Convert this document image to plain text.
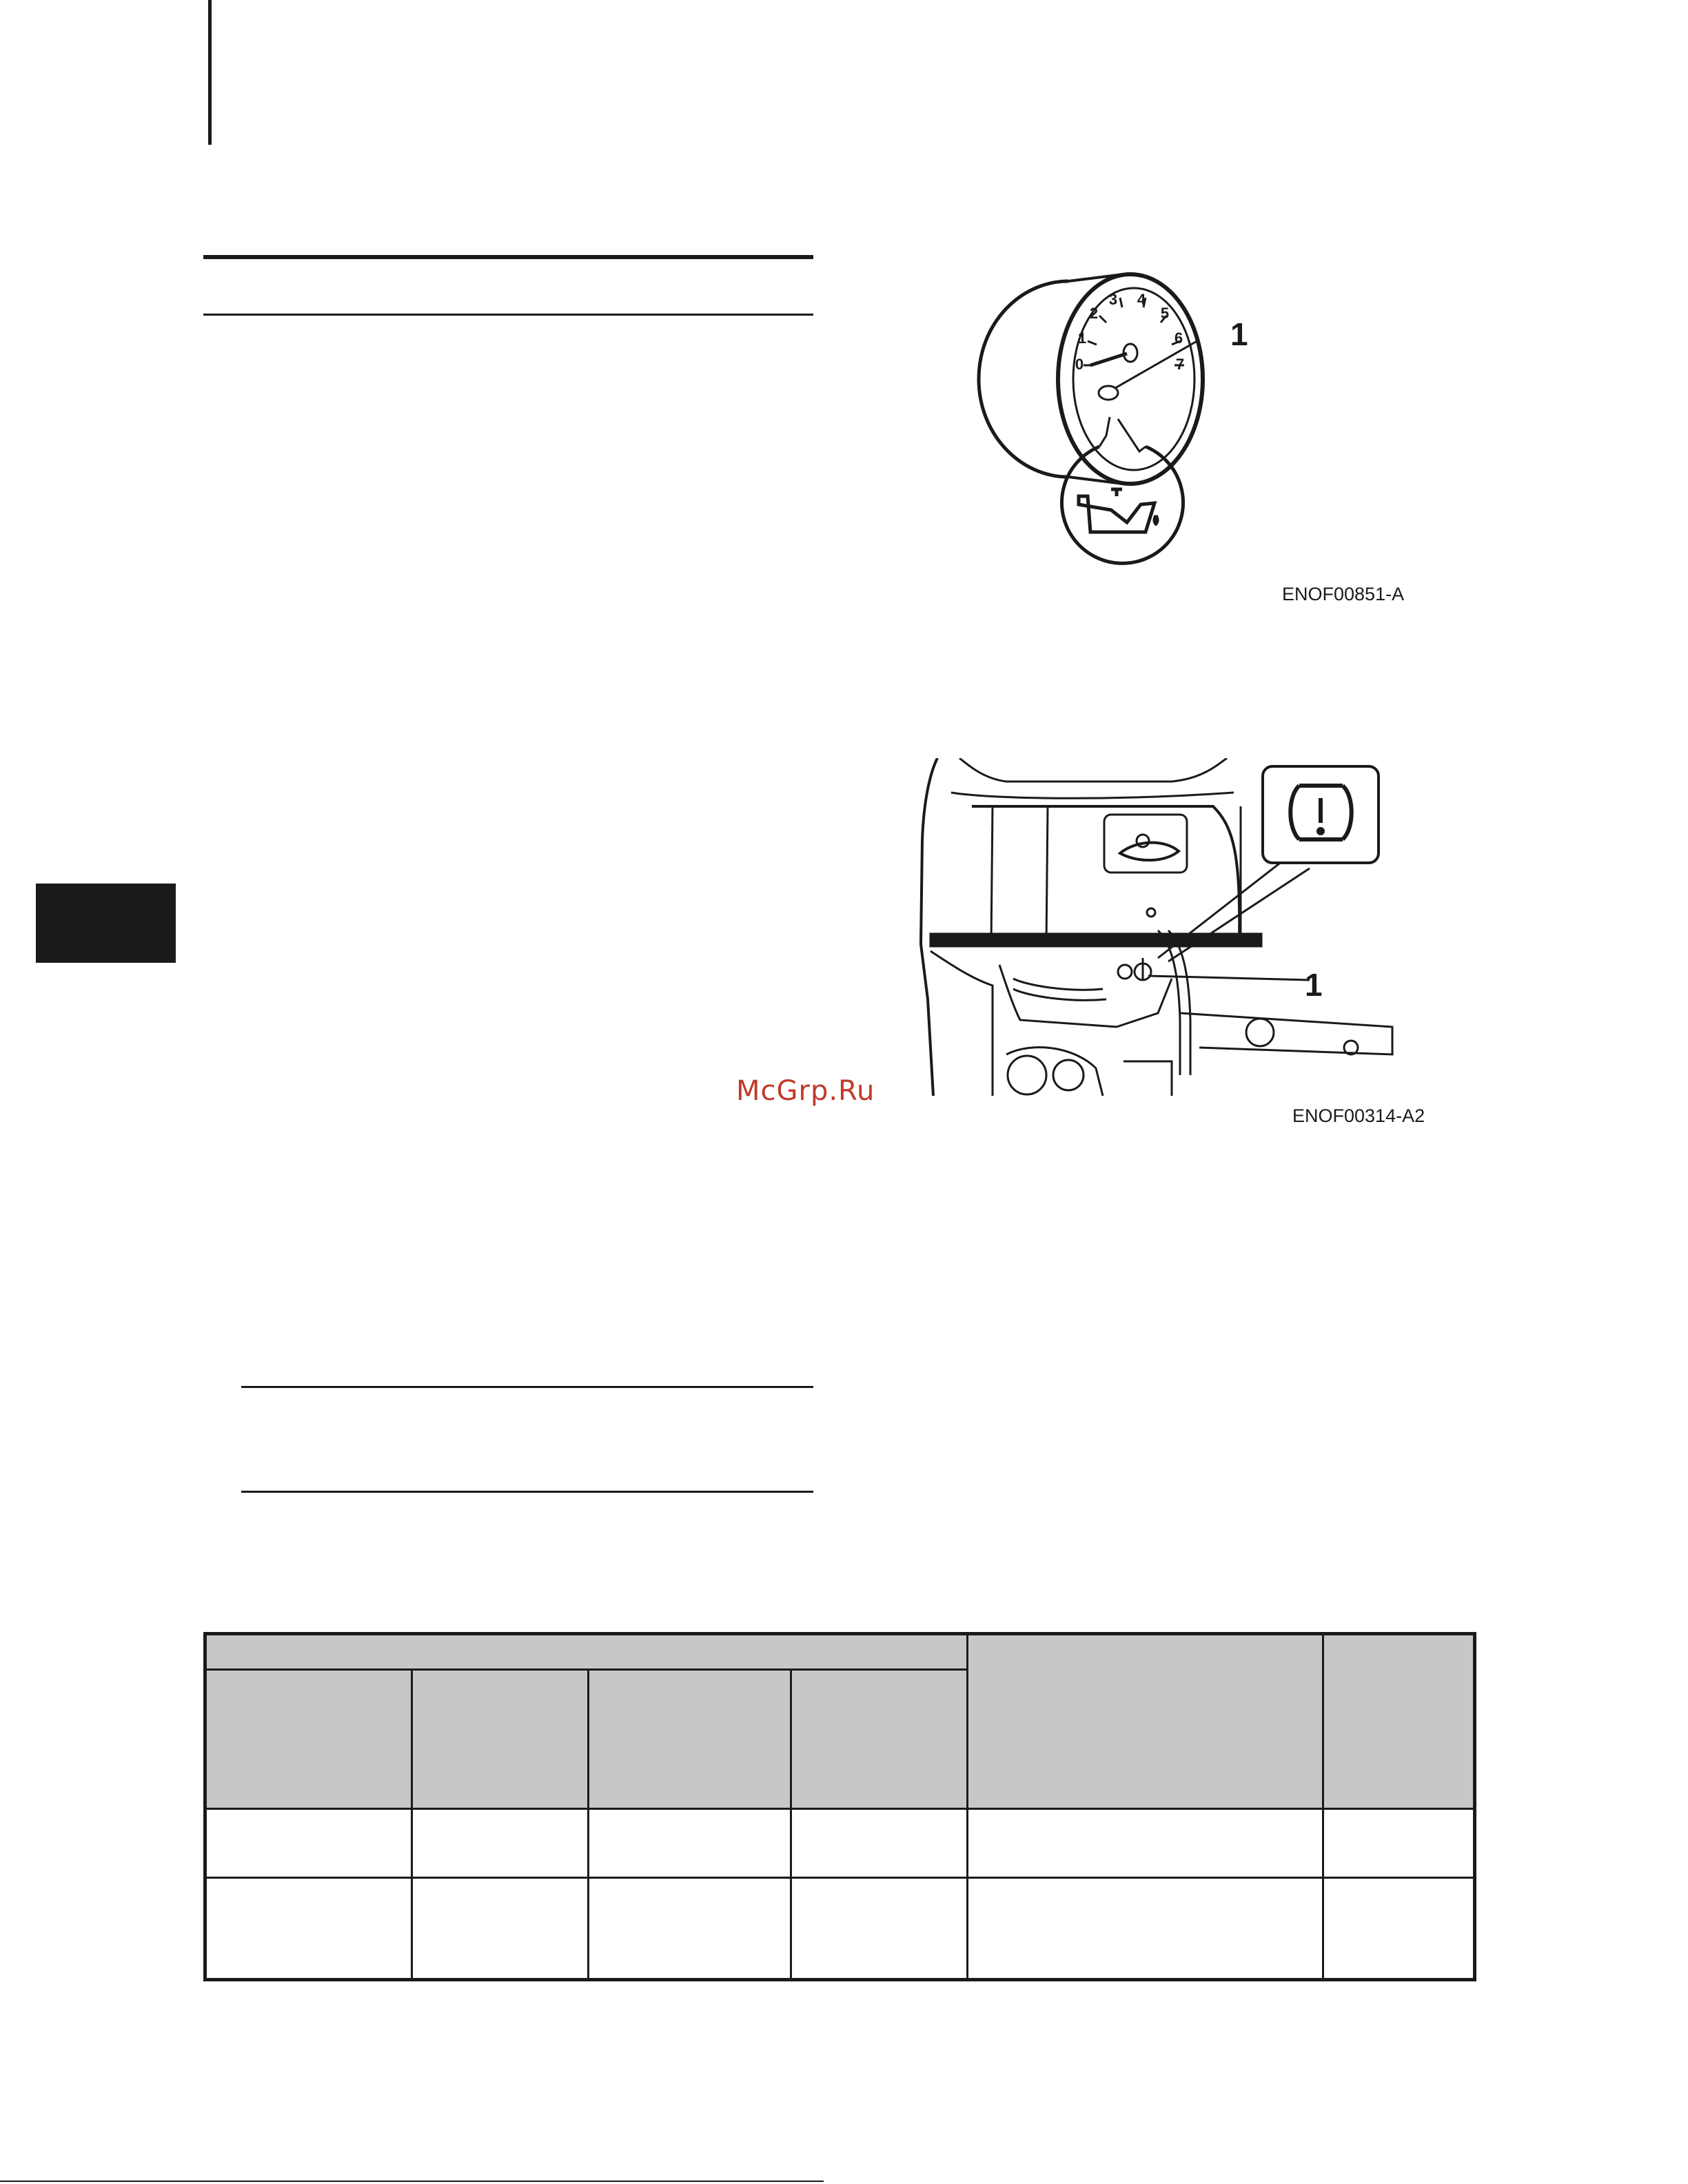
0
1
2
3 4
5
6
7
1
ENOF00851-A
1
ENOF00314-A2
McGrp.Ru
